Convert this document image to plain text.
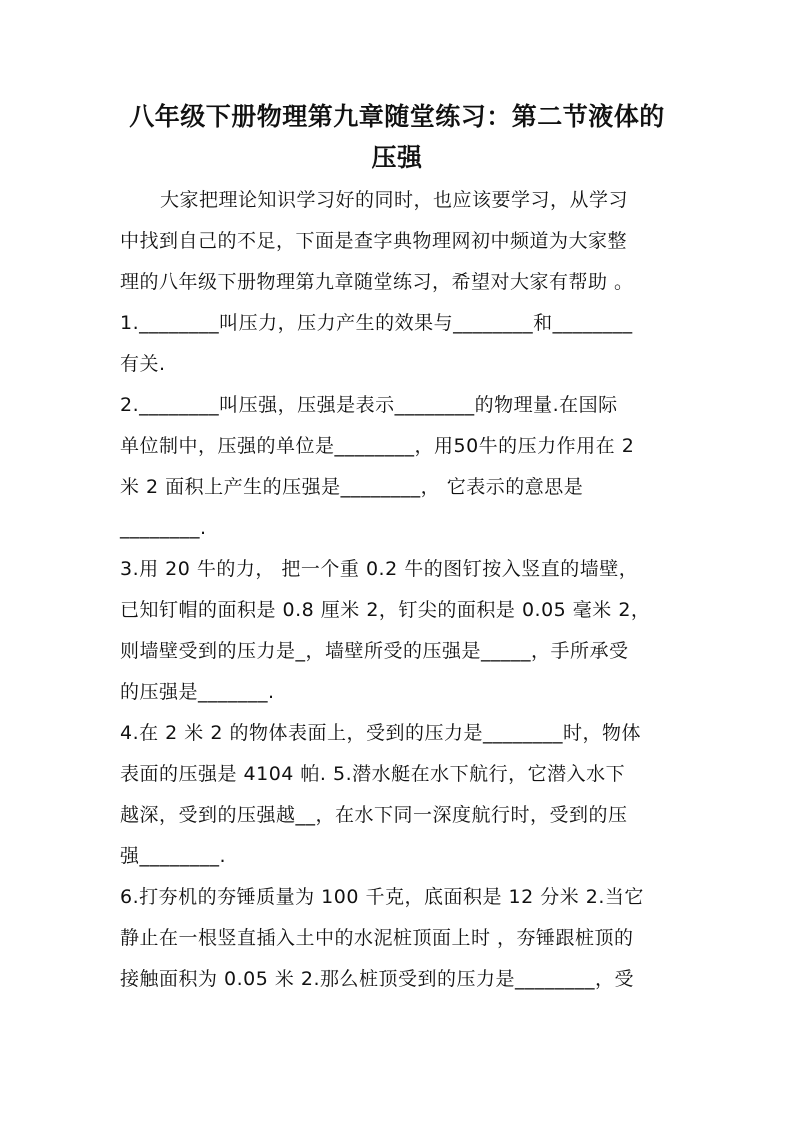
八年级下册物理第九章随堂练习：第二节液体的
压强
大家把理论知识学习好的同时，也应该要学习，从学习
中找到自己的不足，下面是查字典物理网初中频道为大家整
理的八年级下册物理第九章随堂练习，希望对大家有帮助 。
1.________叫压力，压力产生的效果与________和________
有关.
2.________叫压强，压强是表示________的物理量.在国际
单位制中，压强的单位是________，用50牛的压力作用在 2
米 2 面积上产生的压强是________， 它表示的意思是
________.
3.用 20 牛的力， 把一个重 0.2 牛的图钉按入竖直的墙壁，
已知钉帽的面积是 0.8 厘米 2，钉尖的面积是 0.05 毫米 2，
则墙壁受到的压力是_，墙壁所受的压强是_____，手所承受
的压强是_______.
4.在 2 米 2 的物体表面上，受到的压力是________时，物体
表面的压强是 4104 帕. 5.潜水艇在水下航行，它潜入水下
越深，受到的压强越__，在水下同一深度航行时，受到的压
强________.
6.打夯机的夯锤质量为 100 千克，底面积是 12 分米 2.当它
静止在一根竖直插入土中的水泥桩顶面上时 ，夯锤跟桩顶的
接触面积为 0.05 米 2.那么桩顶受到的压力是________，受
